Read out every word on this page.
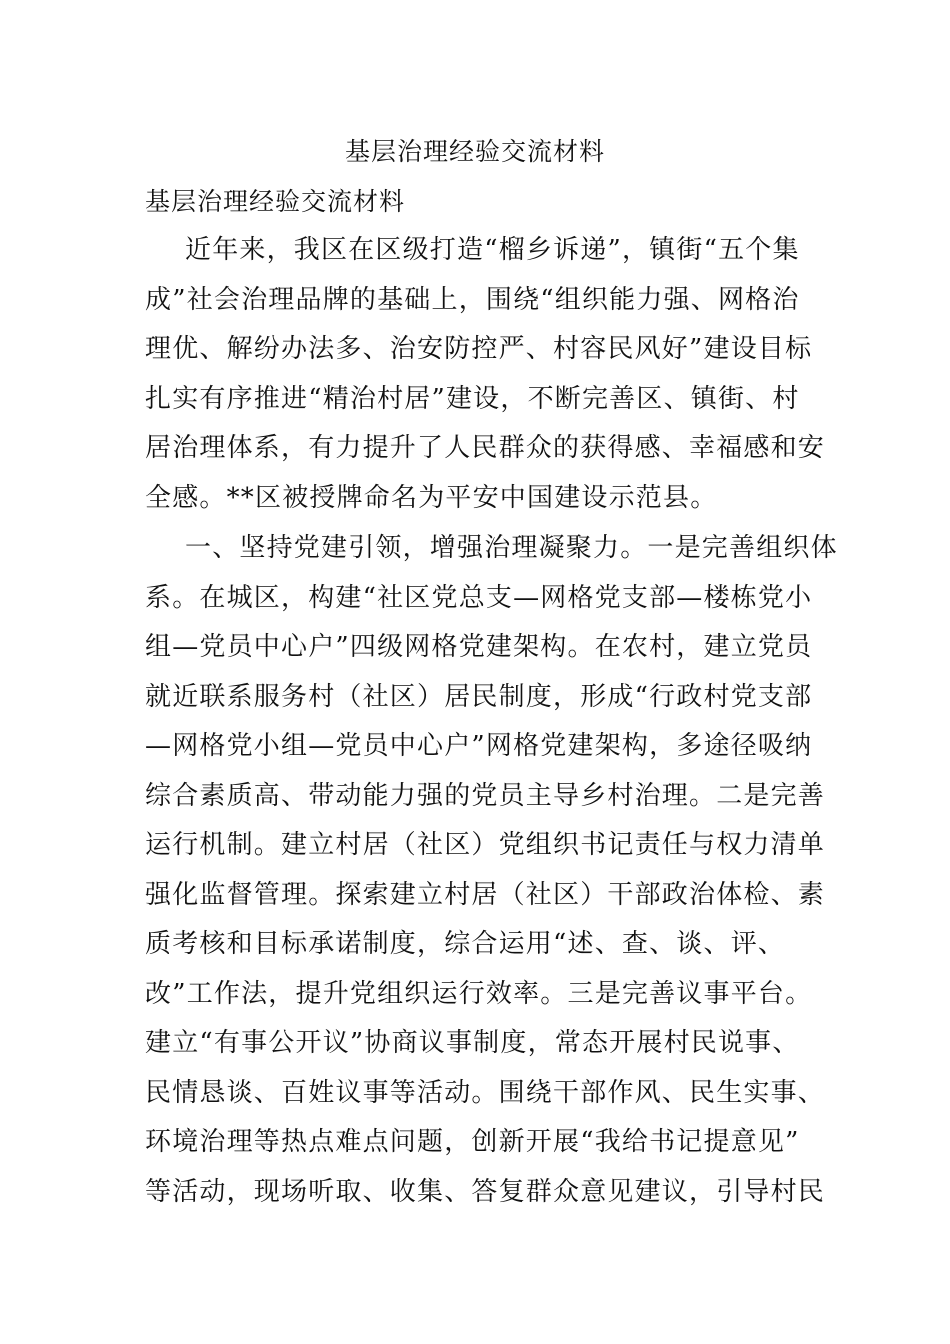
基层治理经验交流材料
基层治理经验交流材料
近年来，我区在区级打造“榴乡诉递”，镇街“五个集
成”社会治理品牌的基础上，围绕“组织能力强、网格治
理优、解纷办法多、治安防控严、村容民风好”建设目标
扎实有序推进“精治村居”建设，不断完善区、镇街、村
居治理体系，有力提升了人民群众的获得感、幸福感和安
全感。**区被授牌命名为平安中国建设示范县。
一、坚持党建引领，增强治理凝聚力。一是完善组织体
系。在城区，构建“社区党总支—网格党支部—楼栋党小
组—党员中心户”四级网格党建架构。在农村，建立党员
就近联系服务村（社区）居民制度，形成“行政村党支部
—网格党小组—党员中心户”网格党建架构，多途径吸纳
综合素质高、带动能力强的党员主导乡村治理。二是完善
运行机制。建立村居（社区）党组织书记责任与权力清单
强化监督管理。探索建立村居（社区）干部政治体检、素
质考核和目标承诺制度，综合运用“述、查、谈、评、
改”工作法，提升党组织运行效率。三是完善议事平台。
建立“有事公开议”协商议事制度，常态开展村民说事、
民情恳谈、百姓议事等活动。围绕干部作风、民生实事、
环境治理等热点难点问题，创新开展“我给书记提意见”
等活动，现场听取、收集、答复群众意见建议，引导村民
